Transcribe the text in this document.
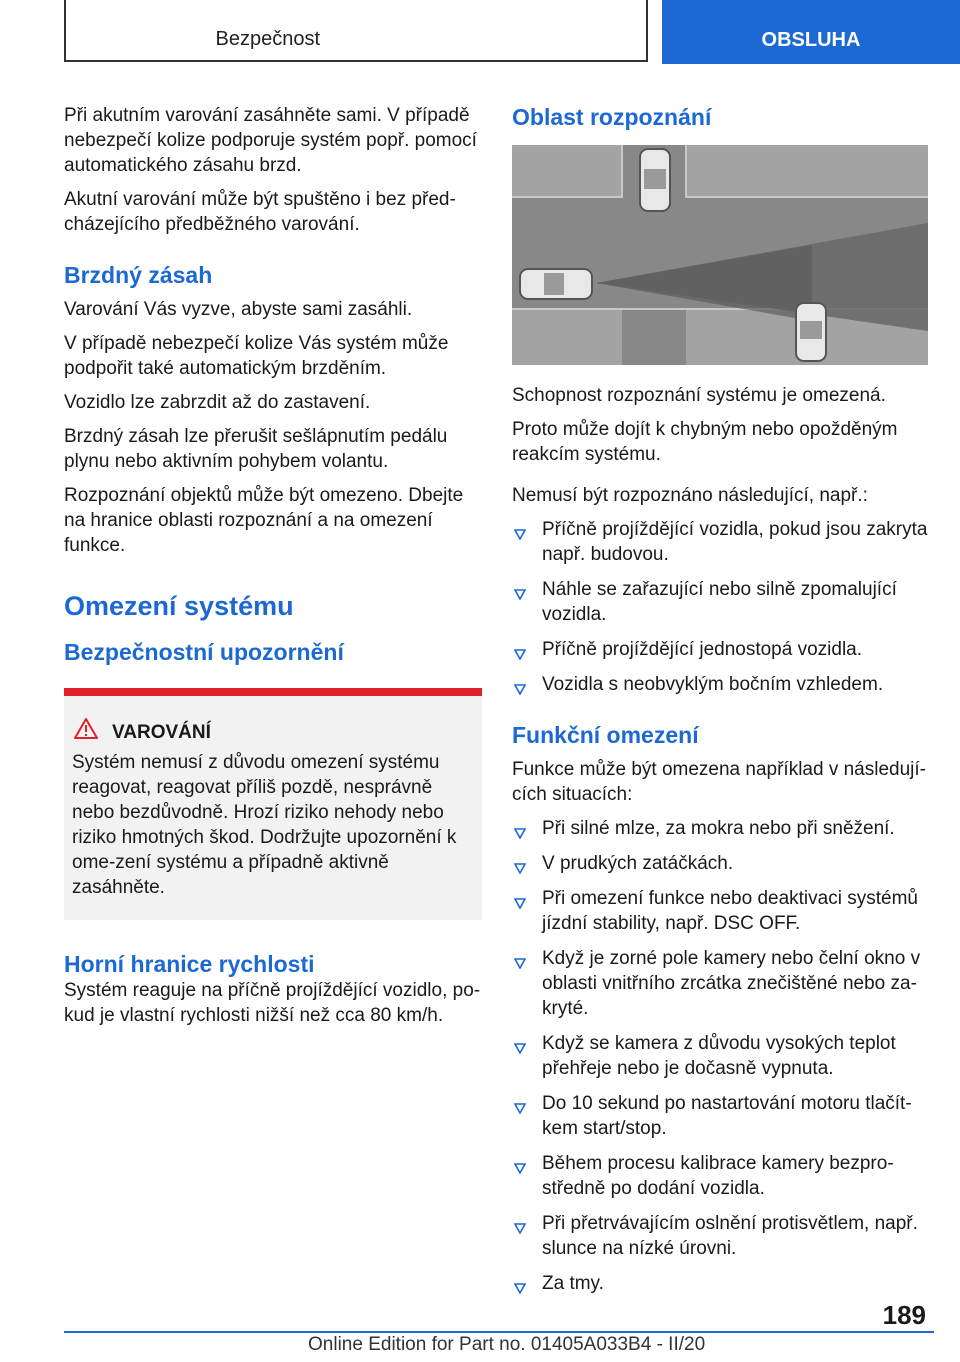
Bezpečnost	OBSLUHA

Při akutním varování zasáhněte sami. V případě nebezpečí kolize podporuje systém popř. pomocí automatického zásahu brzd.

Akutní varování může být spuštěno i bez před-cházejícího předběžného varování.

Brzdný zásah

Varování Vás vyzve, abyste sami zasáhli.

V případě nebezpečí kolize Vás systém může podpořit také automatickým brzděním.

Vozidlo lze zabrzdit až do zastavení.

Brzdný zásah lze přerušit sešlápnutím pedálu plynu nebo aktivním pohybem volantu.

Rozpoznání objektů může být omezeno. Dbejte na hranice oblasti rozpoznání a na omezení funkce.

Omezení systému
Bezpečnostní upozornění
VAROVÁNÍ

Systém nemusí z důvodu omezení systému reagovat, reagovat příliš pozdě, nesprávně nebo bezdůvodně. Hrozí riziko nehody nebo riziko hmotných škod. Dodržujte upozornění k ome-zení systému a případně aktivně zasáhněte.

Horní hranice rychlosti

Systém reaguje na příčně projíždějící vozidlo, po-kud je vlastní rychlosti nižší než cca 80 km/h.

Oblast rozpoznání

Schopnost rozpoznání systému je omezená.

Proto může dojít k chybným nebo opožděným reakcím systému.

Nemusí být rozpoznáno následující, např.:

Příčně projíždějící vozidla, pokud jsou zakryta např. budovou.
Náhle se zařazující nebo silně zpomalující vozidla.
Příčně projíždějící jednostopá vozidla.
Vozidla s neobvyklým bočním vzhledem.
Funkční omezení

Funkce může být omezena například v následují-cích situacích:

Při silné mlze, za mokra nebo při sněžení.
V prudkých zatáčkách.
Při omezení funkce nebo deaktivaci systémů jízdní stability, např. DSC OFF.
Když je zorné pole kamery nebo čelní okno v oblasti vnitřního zrcátka znečištěné nebo za-kryté.
Když se kamera z důvodu vysokých teplot přehřeje nebo je dočasně vypnuta.
Do 10 sekund po nastartování motoru tlačít-kem start/stop.
Během procesu kalibrace kamery bezpro-středně po dodání vozidla.
Při přetrvávajícím oslnění protisvětlem, např. slunce na nízké úrovni.
Za tmy.
189
Online Edition for Part no. 01405A033B4 - II/20
